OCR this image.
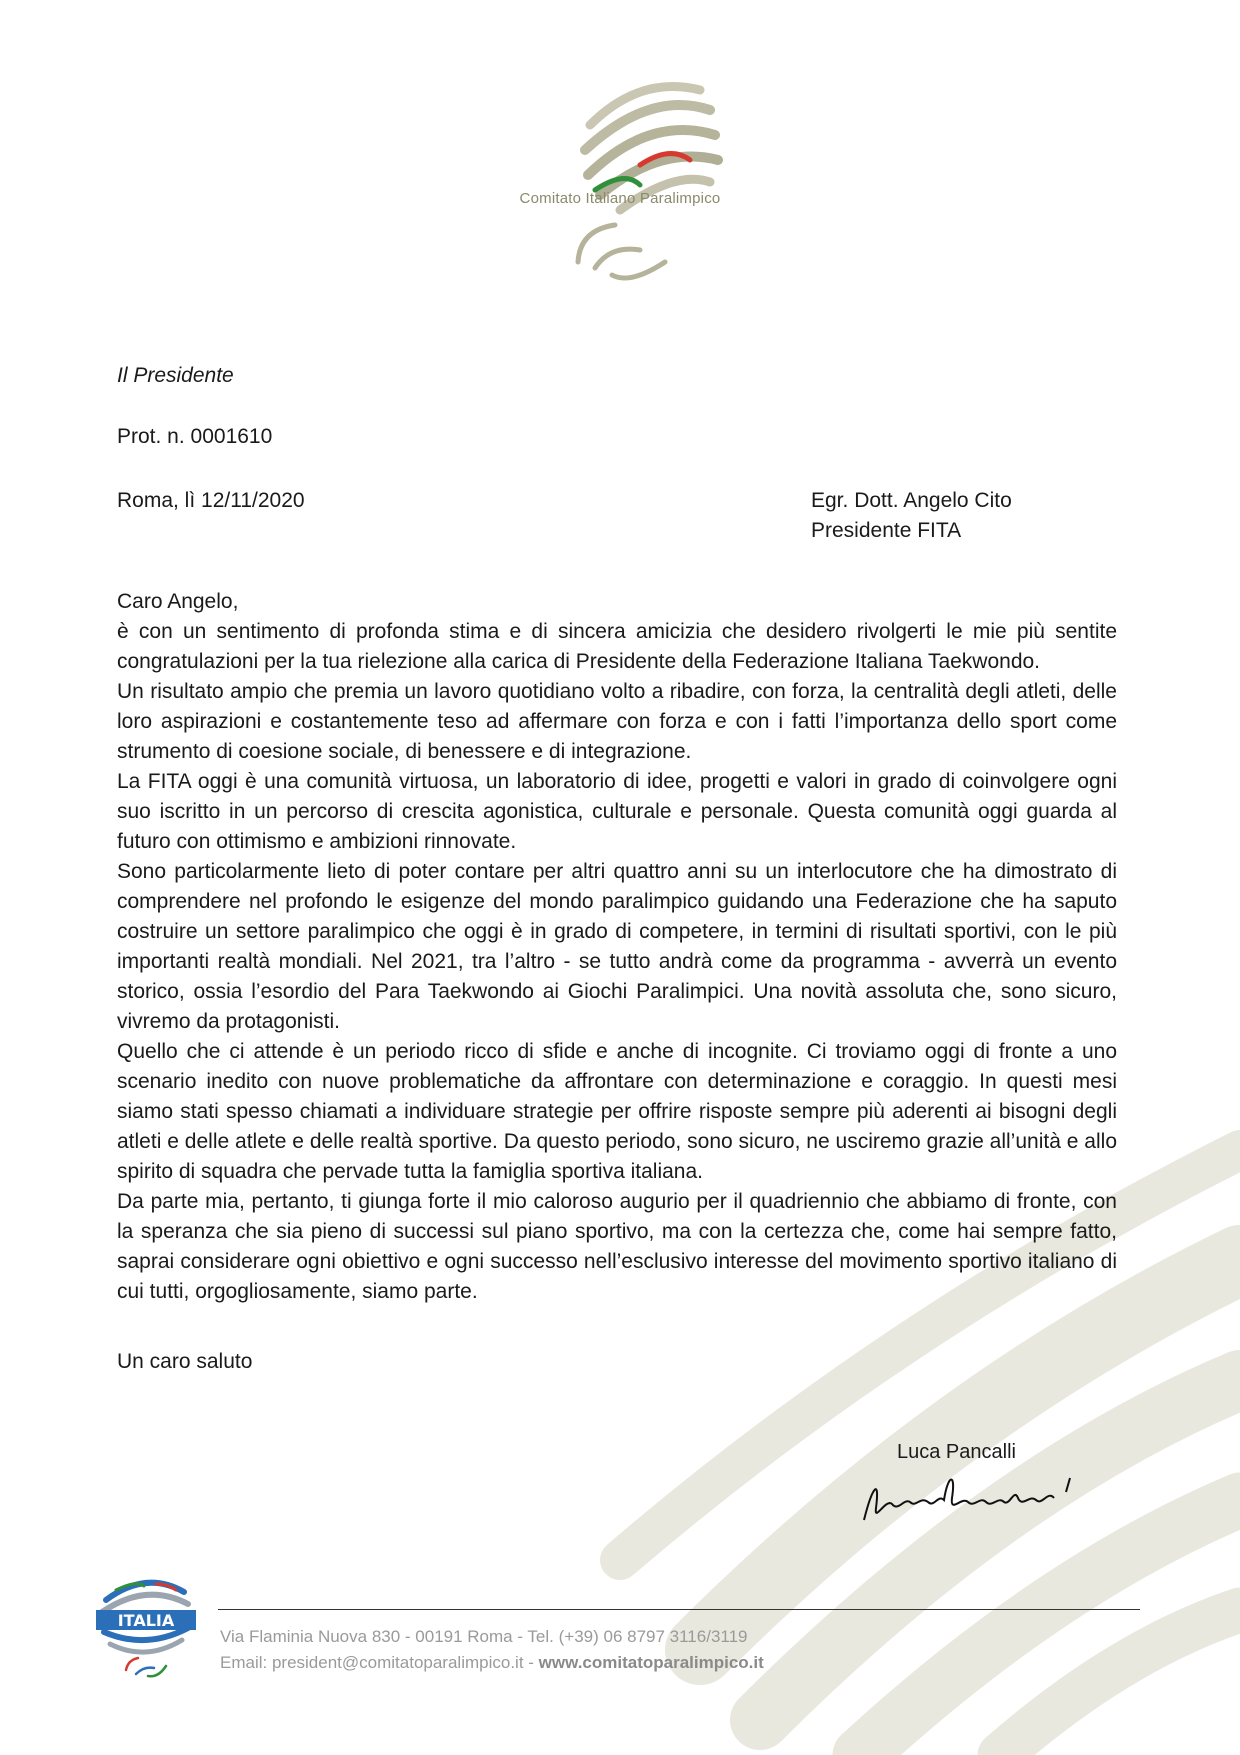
Comitato Italiano Paralimpico
Il Presidente
Prot. n. 0001610
Roma, lì 12/11/2020	Egr. Dott. Angelo Cito
Presidente FITA

Caro Angelo,

è con un sentimento di profonda stima e di sincera amicizia che desidero rivolgerti le mie più sentite congratulazioni per la tua rielezione alla carica di Presidente della Federazione Italiana Taekwondo.

Un risultato ampio che premia un lavoro quotidiano volto a ribadire, con forza, la centralità degli atleti, delle loro aspirazioni e costantemente teso ad affermare con forza e con i fatti l’importanza dello sport come strumento di coesione sociale, di benessere e di integrazione.

La FITA oggi è una comunità virtuosa, un laboratorio di idee, progetti e valori in grado di coinvolgere ogni suo iscritto in un percorso di crescita agonistica, culturale e personale. Questa comunità oggi guarda al futuro con ottimismo e ambizioni rinnovate.

Sono particolarmente lieto di poter contare per altri quattro anni su un interlocutore che ha dimostrato di comprendere nel profondo le esigenze del mondo paralimpico guidando una Federazione che ha saputo costruire un settore paralimpico che oggi è in grado di competere, in termini di risultati sportivi, con le più importanti realtà mondiali. Nel 2021, tra l’altro - se tutto andrà come da programma - avverrà un evento storico, ossia l’esordio del Para Taekwondo ai Giochi Paralimpici. Una novità assoluta che, sono sicuro, vivremo da protagonisti.

Quello che ci attende è un periodo ricco di sfide e anche di incognite. Ci troviamo oggi di fronte a uno scenario inedito con nuove problematiche da affrontare con determinazione e coraggio. In questi mesi siamo stati spesso chiamati a individuare strategie per offrire risposte sempre più aderenti ai bisogni degli atleti e delle atlete e delle realtà sportive. Da questo periodo, sono sicuro, ne usciremo grazie all’unità e allo spirito di squadra che pervade tutta la famiglia sportiva italiana.

Da parte mia, pertanto, ti giunga forte il mio caloroso augurio per il quadriennio che abbiamo di fronte, con la speranza che sia pieno di successi sul piano sportivo, ma con la certezza che, come hai sempre fatto, saprai considerare ogni obiettivo e ogni successo nell’esclusivo interesse del movimento sportivo italiano di cui tutti, orgogliosamente, siamo parte.

Un caro saluto
Luca Pancalli
ITALIA
Via Flaminia Nuova 830 - 00191 Roma - Tel. (+39) 06 8797 3116/3119
Email: president@comitatoparalimpico.it - www.comitatoparalimpico.it
